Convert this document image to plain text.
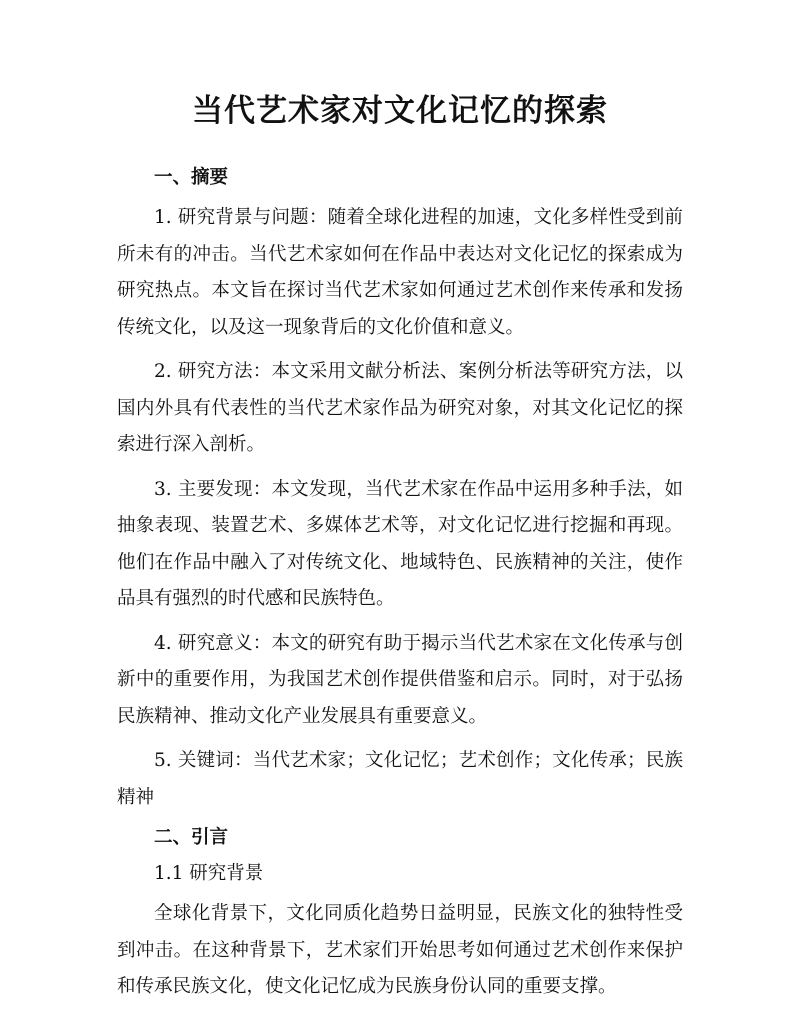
当代艺术家对文化记忆的探索
一、摘要
1. 研究背景与问题：随着全球化进程的加速，文化多样性受到前所未有的冲击。当代艺术家如何在作品中表达对文化记忆的探索成为研究热点。本文旨在探讨当代艺术家如何通过艺术创作来传承和发扬传统文化，以及这一现象背后的文化价值和意义。
2. 研究方法：本文采用文献分析法、案例分析法等研究方法，以国内外具有代表性的当代艺术家作品为研究对象，对其文化记忆的探索进行深入剖析。
3. 主要发现：本文发现，当代艺术家在作品中运用多种手法，如抽象表现、装置艺术、多媒体艺术等，对文化记忆进行挖掘和再现。他们在作品中融入了对传统文化、地域特色、民族精神的关注，使作品具有强烈的时代感和民族特色。
4. 研究意义：本文的研究有助于揭示当代艺术家在文化传承与创新中的重要作用，为我国艺术创作提供借鉴和启示。同时，对于弘扬民族精神、推动文化产业发展具有重要意义。
5. 关键词：当代艺术家；文化记忆；艺术创作；文化传承；民族精神
二、引言
1.1 研究背景
全球化背景下，文化同质化趋势日益明显，民族文化的独特性受到冲击。在这种背景下，艺术家们开始思考如何通过艺术创作来保护和传承民族文化，使文化记忆成为民族身份认同的重要支撑。
